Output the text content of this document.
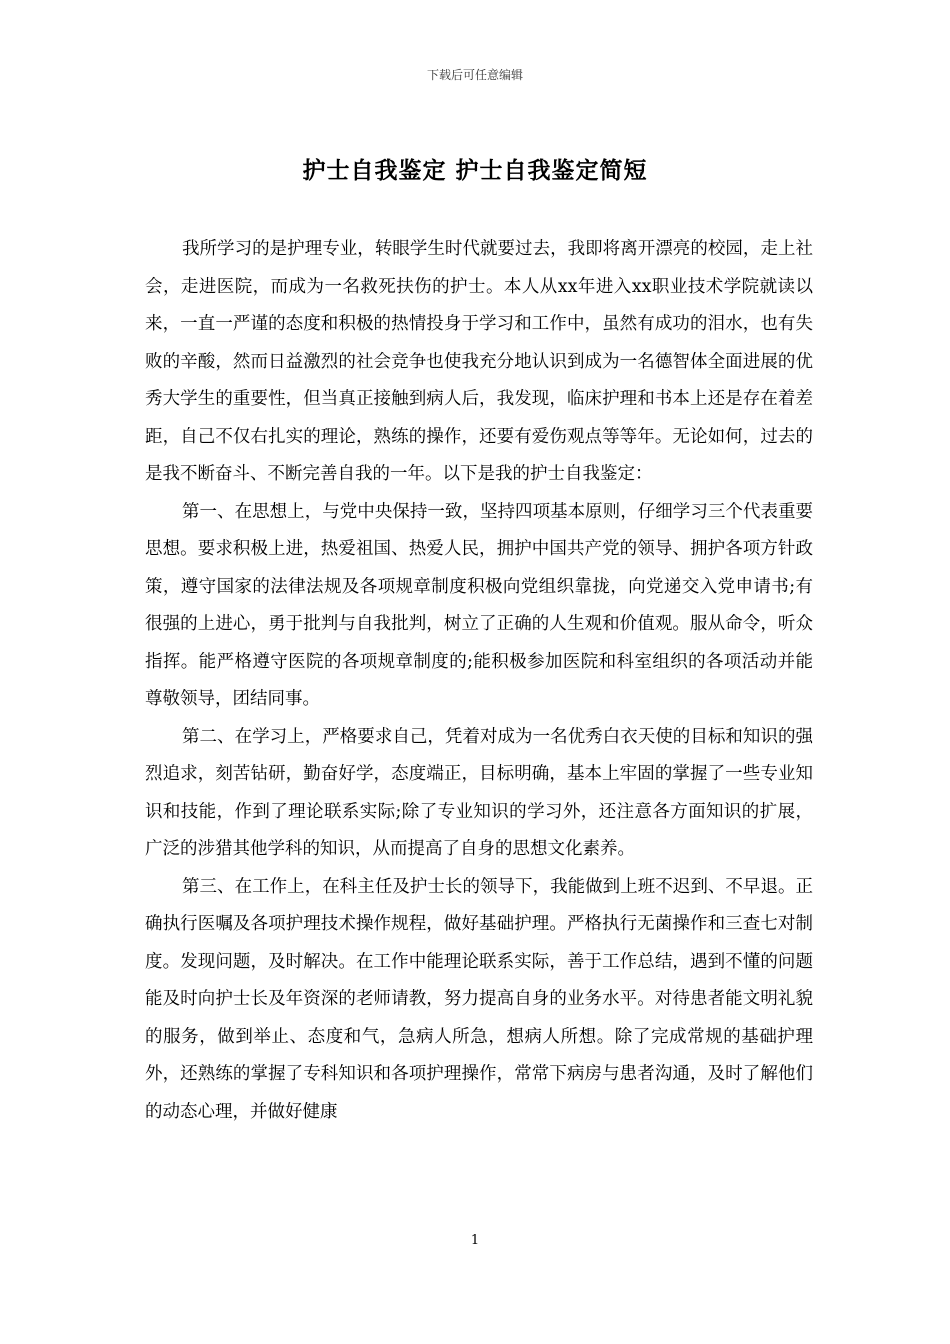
下载后可任意编辑
护士自我鉴定 护士自我鉴定简短

我所学习的是护理专业，转眼学生时代就要过去，我即将离开漂亮的校园，走上社会，走进医院，而成为一名救死扶伤的护士。本人从xx年进入xx职业技术学院就读以来，一直一严谨的态度和积极的热情投身于学习和工作中，虽然有成功的泪水，也有失败的辛酸，然而日益激烈的社会竞争也使我充分地认识到成为一名德智体全面进展的优秀大学生的重要性，但当真正接触到病人后，我发现，临床护理和书本上还是存在着差距，自己不仅右扎实的理论，熟练的操作，还要有爱伤观点等等年。无论如何，过去的是我不断奋斗、不断完善自我的一年。以下是我的护士自我鉴定：

第一、在思想上，与党中央保持一致，坚持四项基本原则，仔细学习三个代表重要思想。要求积极上进，热爱祖国、热爱人民，拥护中国共产党的领导、拥护各项方针政策，遵守国家的法律法规及各项规章制度积极向党组织靠拢，向党递交入党申请书;有很强的上进心，勇于批判与自我批判，树立了正确的人生观和价值观。服从命令，听众指挥。能严格遵守医院的各项规章制度的;能积极参加医院和科室组织的各项活动并能尊敬领导，团结同事。

第二、在学习上，严格要求自己，凭着对成为一名优秀白衣天使的目标和知识的强烈追求，刻苦钻研，勤奋好学，态度端正，目标明确，基本上牢固的掌握了一些专业知识和技能，作到了理论联系实际;除了专业知识的学习外，还注意各方面知识的扩展，广泛的涉猎其他学科的知识，从而提高了自身的思想文化素养。

第三、在工作上，在科主任及护士长的领导下，我能做到上班不迟到、不早退。正确执行医嘱及各项护理技术操作规程，做好基础护理。严格执行无菌操作和三查七对制度。发现问题，及时解决。在工作中能理论联系实际，善于工作总结，遇到不懂的问题能及时向护士长及年资深的老师请教，努力提高自身的业务水平。对待患者能文明礼貌的服务，做到举止、态度和气，急病人所急，想病人所想。除了完成常规的基础护理外，还熟练的掌握了专科知识和各项护理操作，常常下病房与患者沟通，及时了解他们的动态心理，并做好健康

1
